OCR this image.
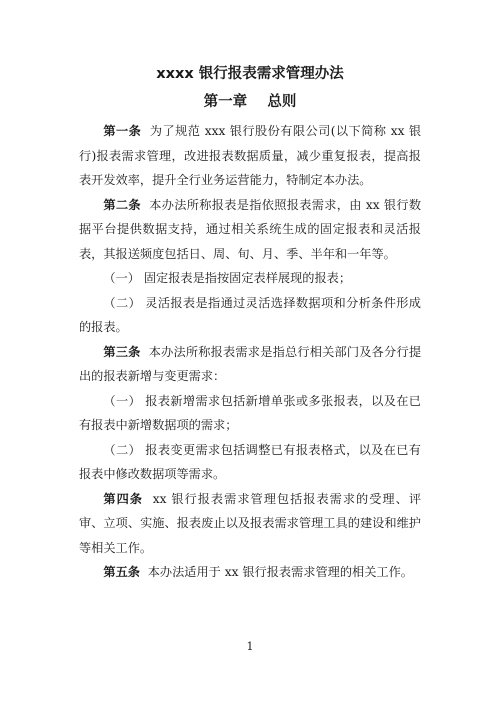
xxxx 银行报表需求管理办法
第一章    总则

第一条 为了规范 xxx 银行股份有限公司(以下简称 xx 银行)报表需求管理，改进报表数据质量，减少重复报表，提高报表开发效率，提升全行业务运营能力，特制定本办法。

第二条 本办法所称报表是指依照报表需求，由 xx 银行数据平台提供数据支持，通过相关系统生成的固定报表和灵活报表，其报送频度包括日、周、旬、月、季、半年和一年等。

（一） 固定报表是指按固定表样展现的报表；

（二） 灵活报表是指通过灵活选择数据项和分析条件形成的报表。

第三条 本办法所称报表需求是指总行相关部门及各分行提出的报表新增与变更需求：

（一） 报表新增需求包括新增单张或多张报表，以及在已有报表中新增数据项的需求；

（二） 报表变更需求包括调整已有报表格式，以及在已有报表中修改数据项等需求。

第四条 xx 银行报表需求管理包括报表需求的受理、评审、立项、实施、报表废止以及报表需求管理工具的建设和维护等相关工作。

第五条 本办法适用于 xx 银行报表需求管理的相关工作。

1
